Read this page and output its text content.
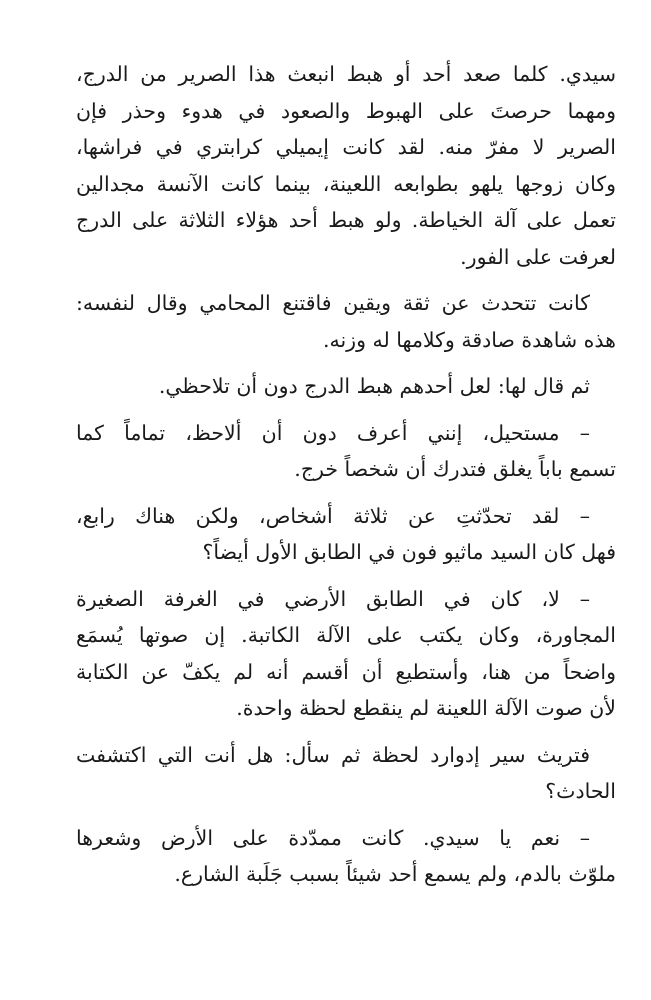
سيدي. كلما صعد أحد أو هبط انبعث هذا الصرير من الدرج،
ومهما حرصتَ على الهبوط والصعود في هدوء وحذر فإن
الصرير لا مفرّ منه. لقد كانت إيميلي كرابتري في فراشها،
وكان زوجها يلهو بطوابعه اللعينة، بينما كانت الآنسة مجدالين
تعمل على آلة الخياطة. ولو هبط أحد هؤلاء الثلاثة على الدرج
لعرفت على الفور.
كانت تتحدث عن ثقة ويقين فاقتنع المحامي وقال لنفسه:
هذه شاهدة صادقة وكلامها له وزنه.
ثم قال لها: لعل أحدهم هبط الدرج دون أن تلاحظي.
– مستحيل، إنني أعرف دون أن ألاحظ، تماماً كما
تسمع باباً يغلق فتدرك أن شخصاً خرج.
– لقد تحدّثتِ عن ثلاثة أشخاص، ولكن هناك رابع،
فهل كان السيد ماثيو فون في الطابق الأول أيضاً؟
– لا، كان في الطابق الأرضي في الغرفة الصغيرة
المجاورة، وكان يكتب على الآلة الكاتبة. إن صوتها يُسمَع
واضحاً من هنا، وأستطيع أن أقسم أنه لم يكفّ عن الكتابة
لأن صوت الآلة اللعينة لم ينقطع لحظة واحدة.
فتريث سير إدوارد لحظة ثم سأل: هل أنت التي اكتشفت
الحادث؟
– نعم يا سيدي. كانت ممدّدة على الأرض وشعرها
ملوّث بالدم، ولم يسمع أحد شيئاً بسبب جَلَبة الشارع.
